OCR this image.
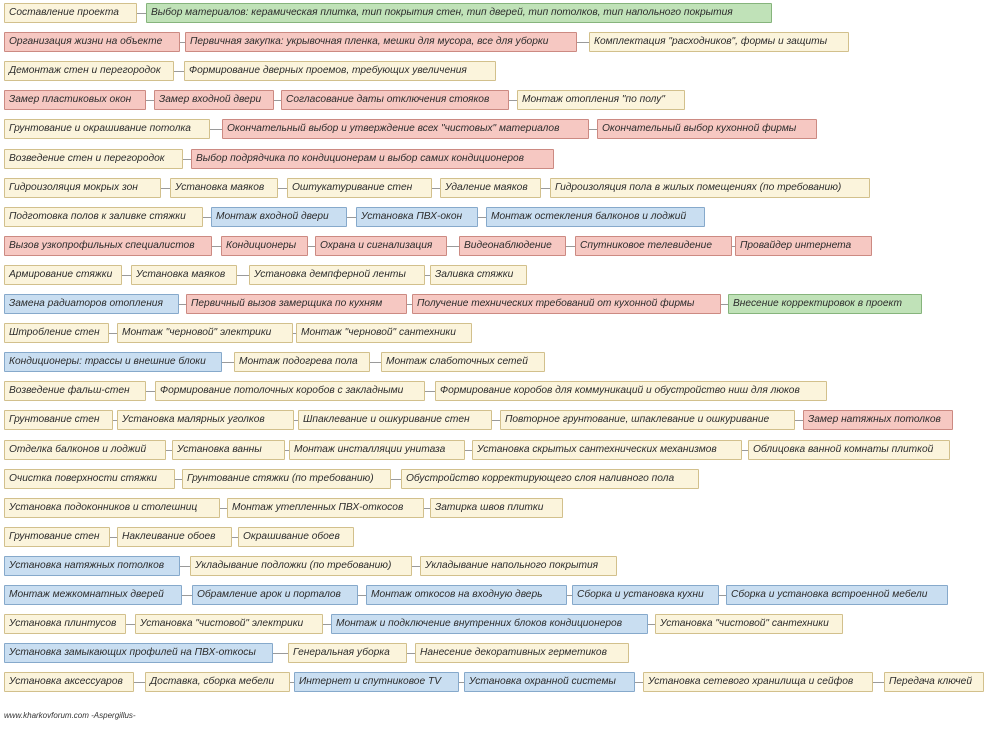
Составление проекта	Выбор материалов: керамическая плитка, тип покрытия стен, тип дверей, тип потолков, тип напольного покрытия
Организация жизни на объекте	Первичная закупка: укрывочная пленка, мешки для мусора, все для уборки	Комплектация "расходников", формы и защиты
Демонтаж стен и перегородок	Формирование дверных проемов, требующих увеличения
Замер пластиковых окон	Замер входной двери	Согласование даты отключения стояков	Монтаж отопления "по полу"
Грунтование и окрашивание потолка	Окончательный выбор и утверждение всех "чистовых" материалов	Окончательный выбор кухонной фирмы
Возведение стен и перегородок	Выбор подрядчика по кондиционерам и выбор самих кондиционеров
Гидроизоляция мокрых зон	Установка маяков	Оштукатуривание стен	Удаление маяков	Гидроизоляция пола в жилых помещениях (по требованию)
Подготовка полов к заливке стяжки	Монтаж входной двери	Установка ПВХ-окон	Монтаж остекления балконов и лоджий
Вызов узкопрофильных специалистов	Кондиционеры	Охрана и сигнализация	Видеонаблюдение	Спутниковое телевидение	Провайдер интернета
Армирование стяжки	Установка маяков	Установка демпферной ленты	Заливка стяжки
Замена радиаторов отопления	Первичный вызов замерщика по кухням	Получение технических требований от кухонной фирмы	Внесение корректировок в проект
Штробление стен	Монтаж "черновой" электрики	Монтаж "черновой" сантехники
Кондиционеры: трассы и внешние блоки	Монтаж подогрева пола	Монтаж слаботочных сетей
Возведение фальш-стен	Формирование потолочных коробов с закладными	Формирование коробов для коммуникаций и обустройство ниш для люков
Грунтование стен	Установка малярных уголков	Шпаклевание и ошкуривание стен	Повторное грунтование, шпаклевание и ошкуривание	Замер натяжных потолков
Отделка балконов и лоджий	Установка ванны	Монтаж инсталляции унитаза	Установка скрытых сантехнических механизмов	Облицовка ванной комнаты плиткой
Очистка поверхности стяжки	Грунтование стяжки (по требованию)	Обустройство корректирующего слоя наливного пола
Установка подоконников и столешниц	Монтаж утепленных ПВХ-откосов	Затирка швов плитки
Грунтование стен	Наклеивание обоев	Окрашивание обоев
Установка натяжных потолков	Укладывание подложки (по требованию)	Укладывание напольного покрытия
Монтаж межкомнатных дверей	Обрамление арок и порталов	Монтаж откосов на входную дверь	Сборка и установка кухни	Сборка и установка встроенной мебели
Установка плинтусов	Установка "чистовой" электрики	Монтаж и подключение внутренних блоков кондиционеров	Установка "чистовой" сантехники
Установка замыкающих профилей на ПВХ-откосы	Генеральная уборка	Нанесение декоративных герметиков
Установка аксессуаров	Доставка, сборка мебели	Интернет и спутниковое TV	Установка охранной системы	Установка сетевого хранилища и сейфов	Передача ключей
www.kharkovforum.com -Aspergillus-
